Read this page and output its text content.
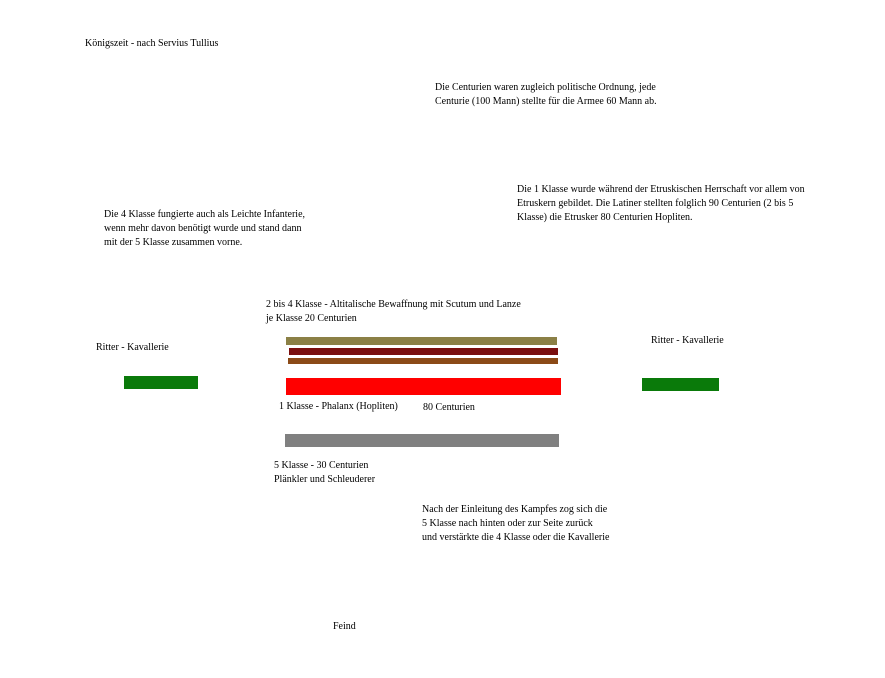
Königszeit - nach Servius Tullius
Die Centurien waren zugleich politische Ordnung, jede Centurie (100 Mann) stellte für die Armee 60 Mann ab.
Die 1 Klasse wurde während der Etruskischen Herrschaft vor allem von Etruskern gebildet. Die Latiner stellten folglich 90 Centurien (2 bis 5 Klasse) die Etrusker 80 Centurien Hopliten.
Die 4 Klasse fungierte auch als Leichte Infanterie, wenn mehr davon benötigt wurde und stand dann mit der 5 Klasse zusammen vorne.
Nach der Einleitung des Kampfes zog sich die 5 Klasse nach hinten oder zur Seite zurück und verstärkte die 4 Klasse oder die Kavallerie
2 bis 4 Klasse - Altitalische Bewaffnung mit Scutum und Lanze
je Klasse 20 Centurien
1 Klasse - Phalanx (Hopliten)	80 Centurien
5 Klasse - 30 Centurien
Plänkler und Schleuderer
Ritter - Kavallerie
Ritter - Kavallerie
Feind
